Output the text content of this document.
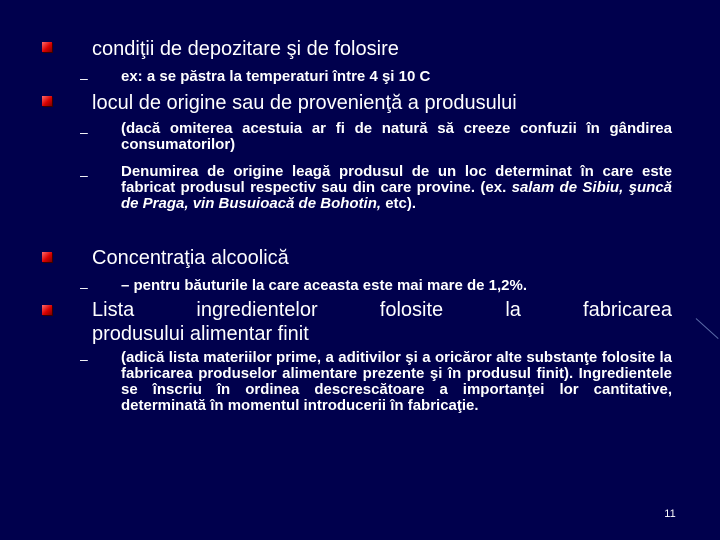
condiţii de depozitare şi de folosire
– ex: a se păstra la temperaturi între 4 şi 10 C
locul de origine sau de provenienţă a produsului
– (dacă omiterea acestuia ar fi de natură să creeze confuzii în gândirea consumatorilor)
– Denumirea de origine leagă produsul de un loc determinat în care este fabricat produsul respectiv sau din care provine. (ex. salam de Sibiu, şuncă de Praga, vin Busuioacă de Bohotin, etc).
Concentraţia alcoolică
– – pentru băuturile la care aceasta este mai mare de 1,2%.
Lista ingredientelor folosite la fabricarea
produsului alimentar finit
– (adică lista materiilor prime, a aditivilor şi a oricăror alte substanţe folosite la fabricarea produselor alimentare prezente şi în produsul finit). Ingredientele se înscriu în ordinea descrescătoare a importanţei lor cantitative, determinată în momentul introducerii în fabricaţie.
11
